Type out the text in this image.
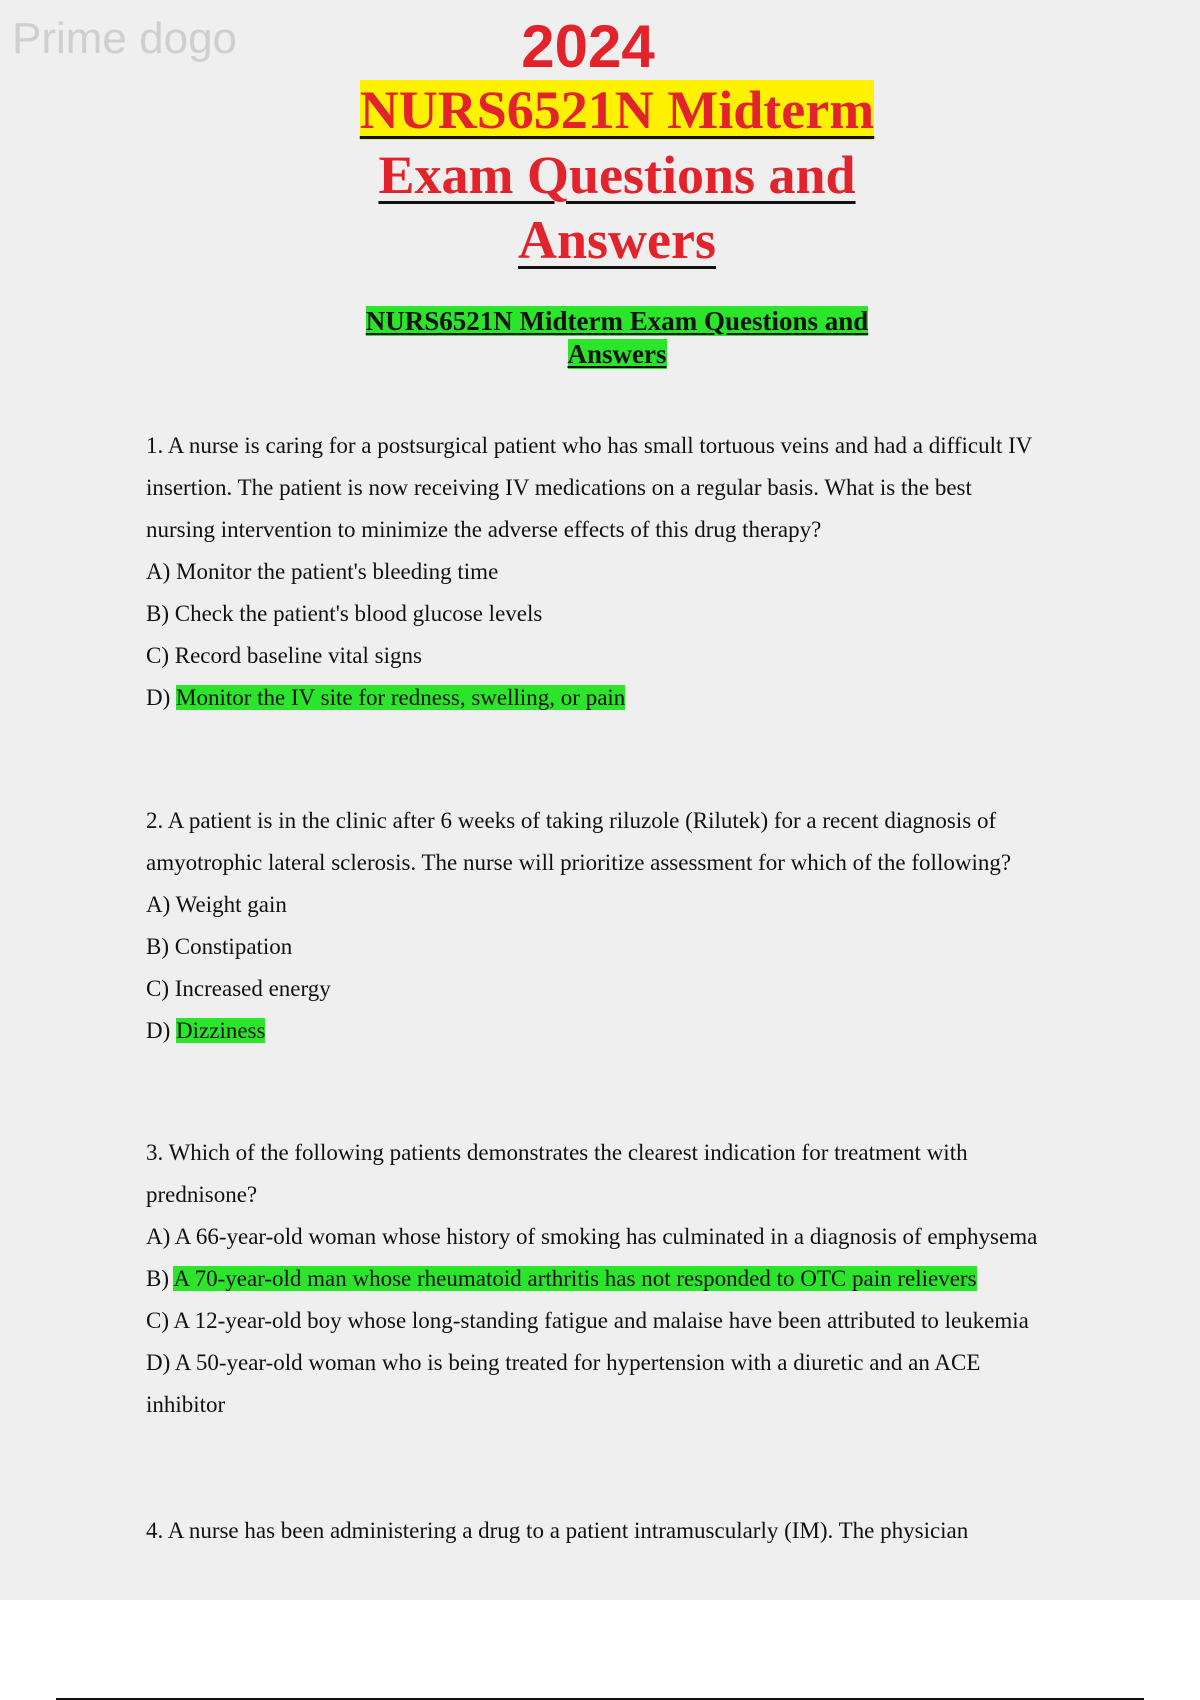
Prime dogo	2024
NURS6521N Midterm
Exam Questions and
Answers
NURS6521N Midterm Exam Questions and
Answers
1. A nurse is caring for a postsurgical patient who has small tortuous veins and had a difficult IV
insertion. The patient is now receiving IV medications on a regular basis. What is the best
nursing intervention to minimize the adverse effects of this drug therapy?
A) Monitor the patient's bleeding time
B) Check the patient's blood glucose levels
C) Record baseline vital signs
D) Monitor the IV site for redness, swelling, or pain
2. A patient is in the clinic after 6 weeks of taking riluzole (Rilutek) for a recent diagnosis of
amyotrophic lateral sclerosis. The nurse will prioritize assessment for which of the following?
A) Weight gain
B) Constipation
C) Increased energy
D) Dizziness
3. Which of the following patients demonstrates the clearest indication for treatment with
prednisone?
A) A 66-year-old woman whose history of smoking has culminated in a diagnosis of emphysema
B) A 70-year-old man whose rheumatoid arthritis has not responded to OTC pain relievers
C) A 12-year-old boy whose long-standing fatigue and malaise have been attributed to leukemia
D) A 50-year-old woman who is being treated for hypertension with a diuretic and an ACE
inhibitor
4. A nurse has been administering a drug to a patient intramuscularly (IM). The physician
